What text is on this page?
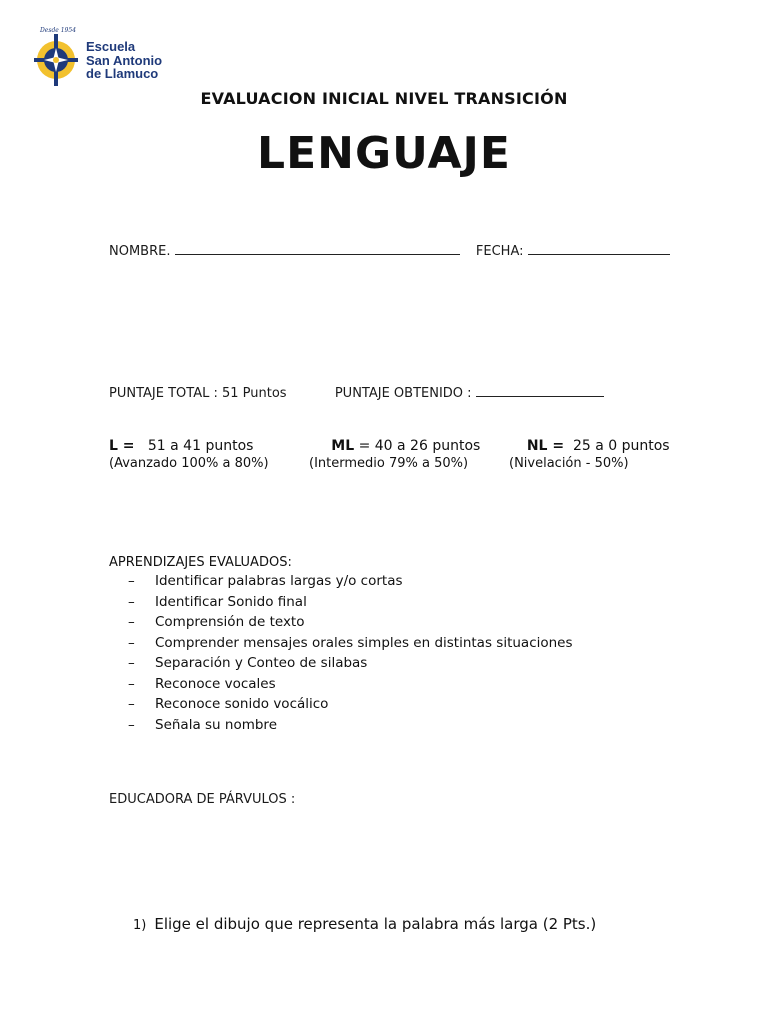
Desde 1954
Escuela
San Antonio
de Llamuco
EVALUACION INICIAL NIVEL TRANSICIÓN
LENGUAJE
NOMBRE.	FECHA:
PUNTAJE TOTAL : 51 Puntos	PUNTAJE OBTENIDO :
L = 51 a 41 puntos
(Avanzado 100% a 80%)
ML = 40 a 26 puntos
(Intermedio 79% a 50%)
NL = 25 a 0 puntos
(Nivelación - 50%)
APRENDIZAJES EVALUADOS:
– Identificar palabras largas y/o cortas
– Identificar Sonido final
– Comprensión de texto
– Comprender mensajes orales simples en distintas situaciones
– Separación y Conteo de silabas
– Reconoce vocales
– Reconoce sonido vocálico
– Señala su nombre
EDUCADORA DE PÁRVULOS :
1) Elige el dibujo que representa la palabra más larga (2 Pts.)
